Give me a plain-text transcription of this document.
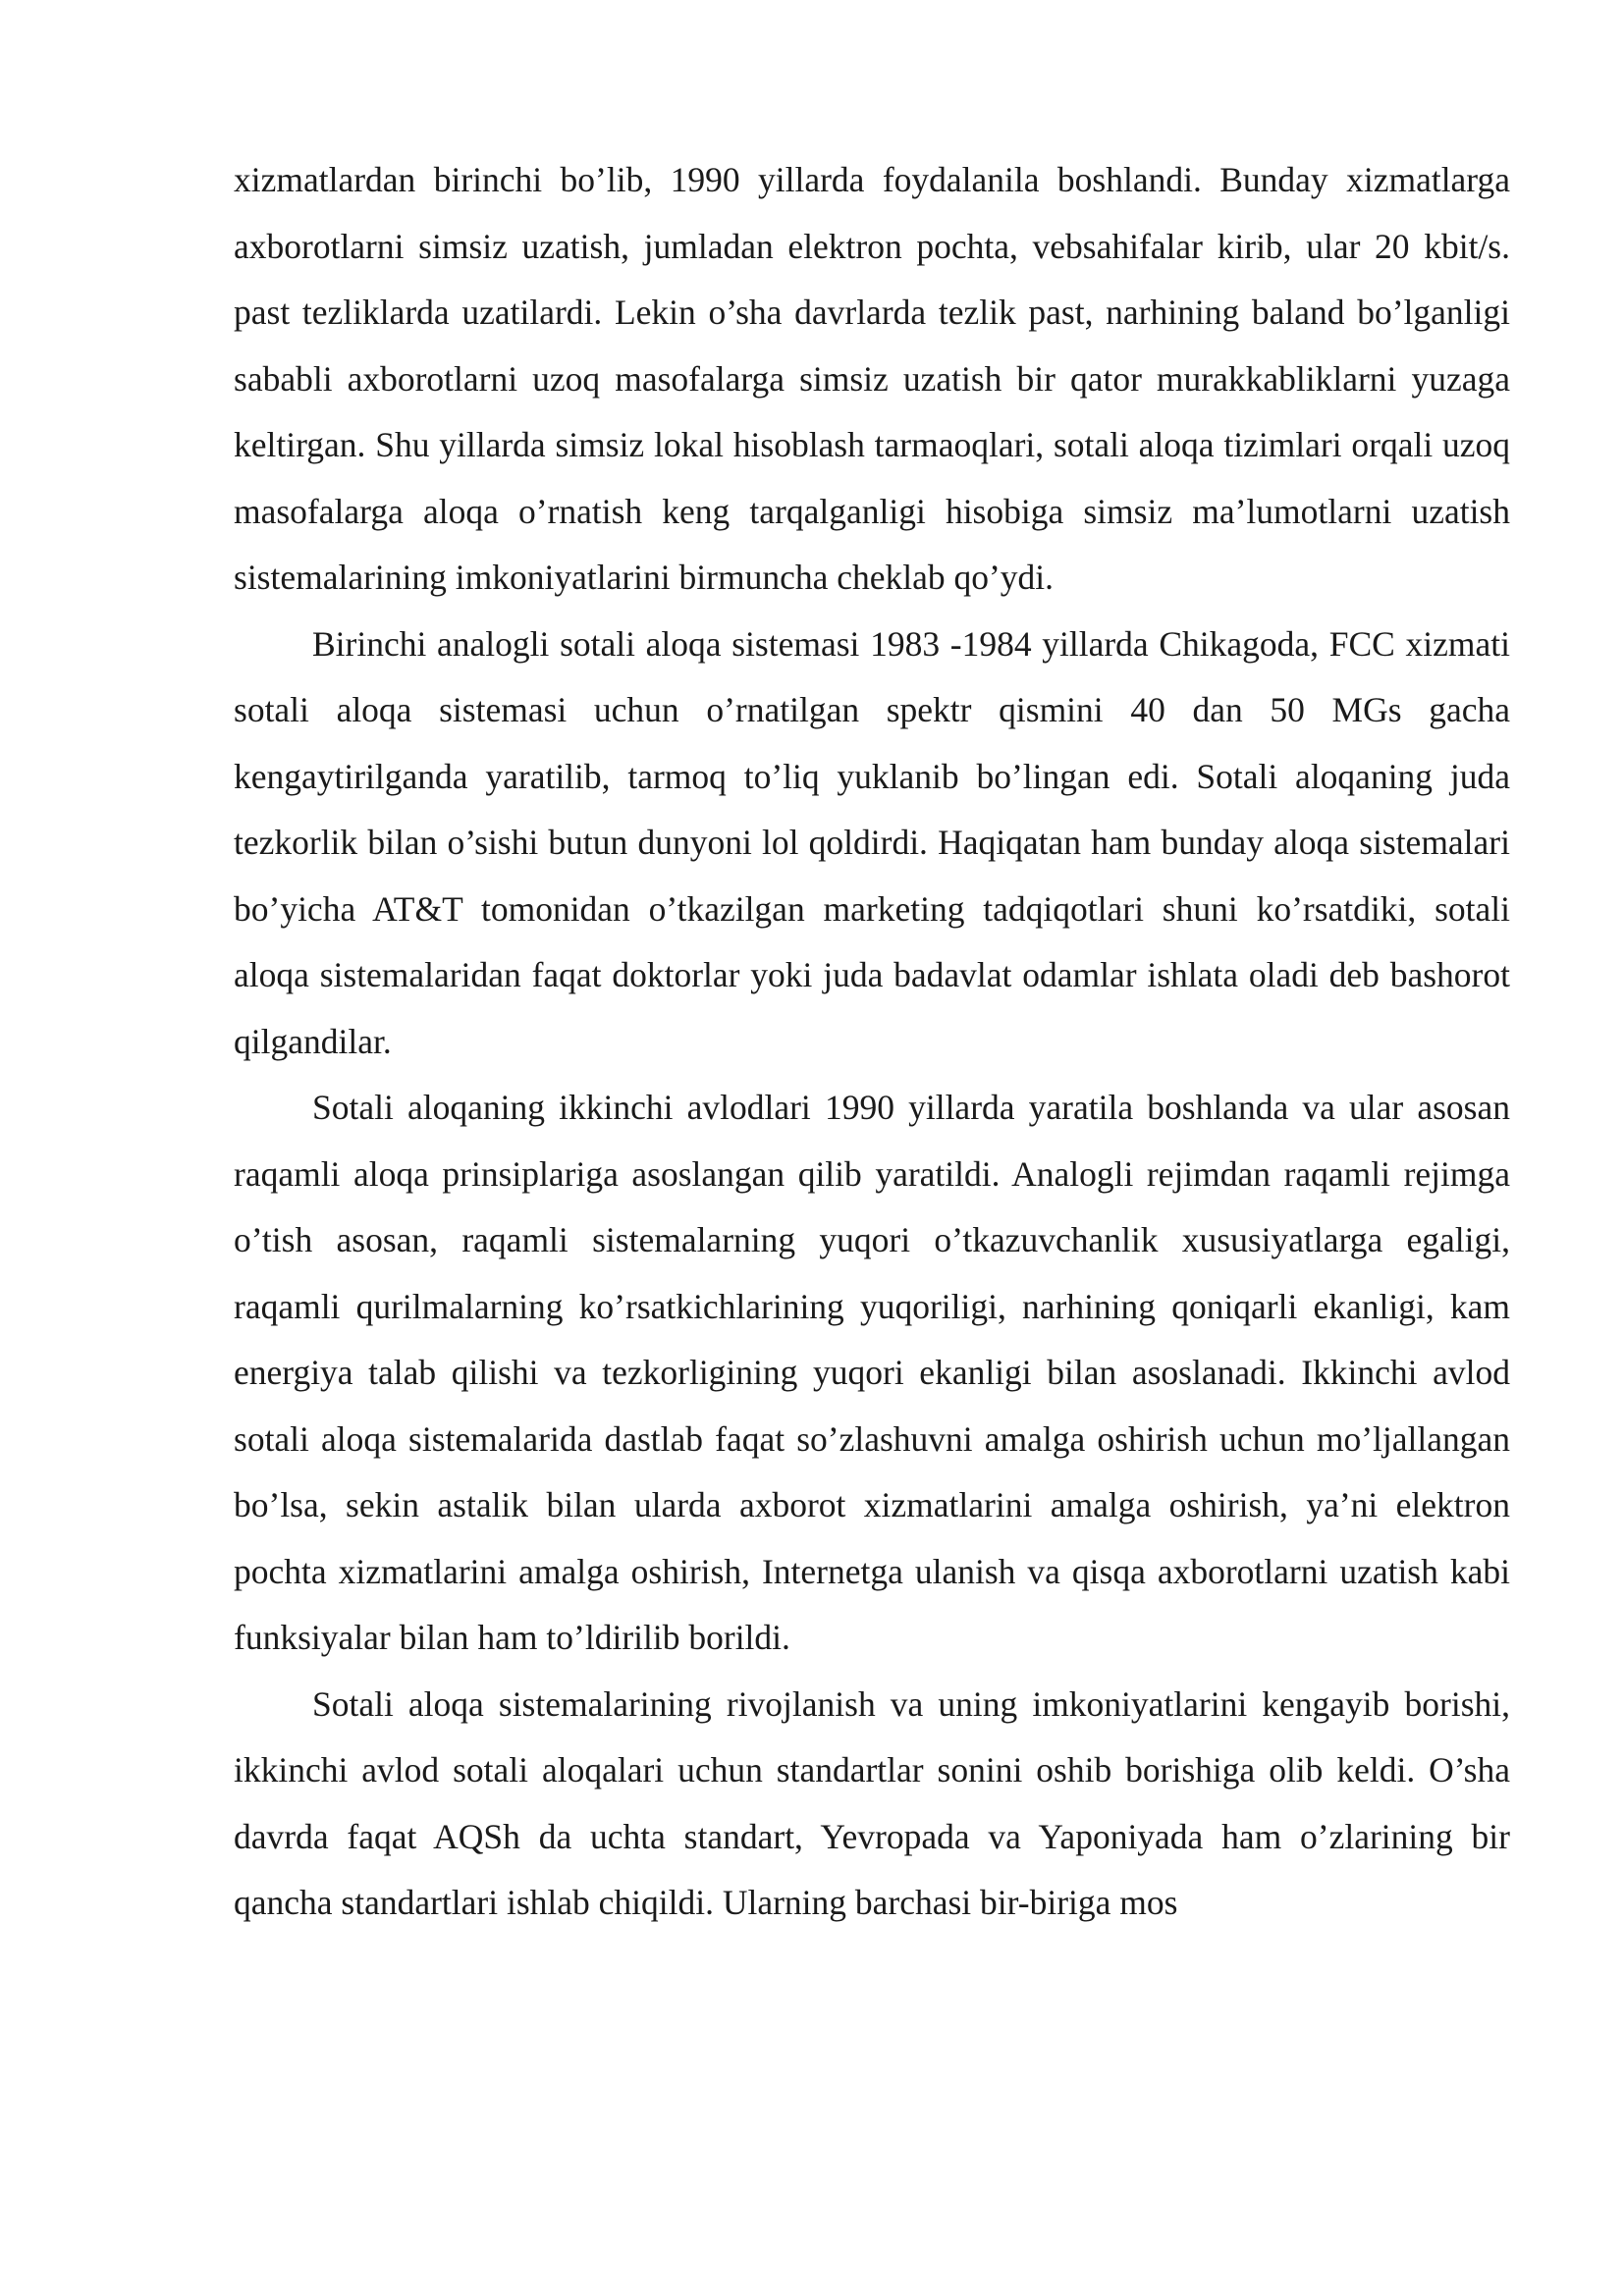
xizmatlardan birinchi bo’lib, 1990 yillarda foydalanila boshlandi. Bunday xizmatlarga axborotlarni simsiz uzatish, jumladan elektron pochta, vebsahifalar kirib, ular 20 kbit/s. past tezliklarda uzatilardi. Lekin o’sha davrlarda tezlik past, narhining baland bo’lganligi sababli axborotlarni uzoq masofalarga simsiz uzatish bir qator murakkabliklarni yuzaga keltirgan. Shu yillarda simsiz lokal hisoblash tarmaoqlari, sotali aloqa tizimlari orqali uzoq masofalarga aloqa o’rnatish keng tarqalganligi hisobiga simsiz ma’lumotlarni uzatish sistemalarining imkoniyatlarini birmuncha cheklab qo’ydi.

Birinchi analogli sotali aloqa sistemasi 1983 -1984 yillarda Chikagoda, FCC xizmati sotali aloqa sistemasi uchun o’rnatilgan spektr qismini 40 dan 50 MGs gacha kengaytirilganda yaratilib, tarmoq to’liq yuklanib bo’lingan edi. Sotali aloqaning juda tezkorlik bilan o’sishi butun dunyoni lol qoldirdi. Haqiqatan ham bunday aloqa sistemalari bo’yicha AT&T tomonidan o’tkazilgan marketing tadqiqotlari shuni ko’rsatdiki, sotali aloqa sistemalaridan faqat doktorlar yoki juda badavlat odamlar ishlata oladi deb bashorot qilgandilar.

Sotali aloqaning ikkinchi avlodlari 1990 yillarda yaratila boshlanda va ular asosan raqamli aloqa prinsiplariga asoslangan qilib yaratildi. Analogli rejimdan raqamli rejimga o’tish asosan, raqamli sistemalarning yuqori o’tkazuvchanlik xususiyatlarga egaligi, raqamli qurilmalarning ko’rsatkichlarining yuqoriligi, narhining qoniqarli ekanligi, kam energiya talab qilishi va tezkorligining yuqori ekanligi bilan asoslanadi. Ikkinchi avlod sotali aloqa sistemalarida dastlab faqat so’zlashuvni amalga oshirish uchun mo’ljallangan bo’lsa, sekin astalik bilan ularda axborot xizmatlarini amalga oshirish, ya’ni elektron pochta xizmatlarini amalga oshirish, Internetga ulanish va qisqa axborotlarni uzatish kabi funksiyalar bilan ham to’ldirilib borildi.

Sotali aloqa sistemalarining rivojlanish va uning imkoniyatlarini kengayib borishi, ikkinchi avlod sotali aloqalari uchun standartlar sonini oshib borishiga olib keldi. O’sha davrda faqat AQSh da uchta standart, Yevropada va Yaponiyada ham o’zlarining bir qancha standartlari ishlab chiqildi. Ularning barchasi bir-biriga mos
